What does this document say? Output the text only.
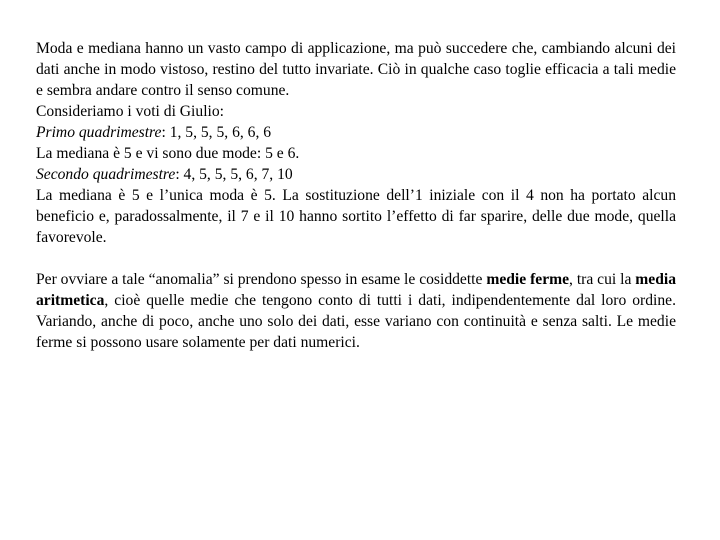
Moda e mediana hanno un vasto campo di applicazione, ma può succedere che, cambiando alcuni dei dati anche in modo vistoso, restino del tutto invariate. Ciò in qualche caso toglie efficacia a tali medie e sembra andare contro il senso comune.

Consideriamo i voti di Giulio:

Primo quadrimestre: 1, 5, 5, 5, 6, 6, 6

La mediana è 5 e vi sono due mode: 5 e 6.

Secondo quadrimestre: 4, 5, 5, 5, 6, 7, 10

La mediana è 5 e l’unica moda è 5. La sostituzione dell’1 iniziale con il 4 non ha portato alcun beneficio e, paradossalmente, il 7 e il 10 hanno sortito l’effetto di far sparire, delle due mode, quella favorevole.

Per ovviare a tale “anomalia” si prendono spesso in esame le cosiddette medie ferme, tra cui la media aritmetica, cioè quelle medie che tengono conto di tutti i dati, indipendentemente dal loro ordine. Variando, anche di poco, anche uno solo dei dati, esse variano con continuità e senza salti. Le medie ferme si possono usare solamente per dati numerici.
